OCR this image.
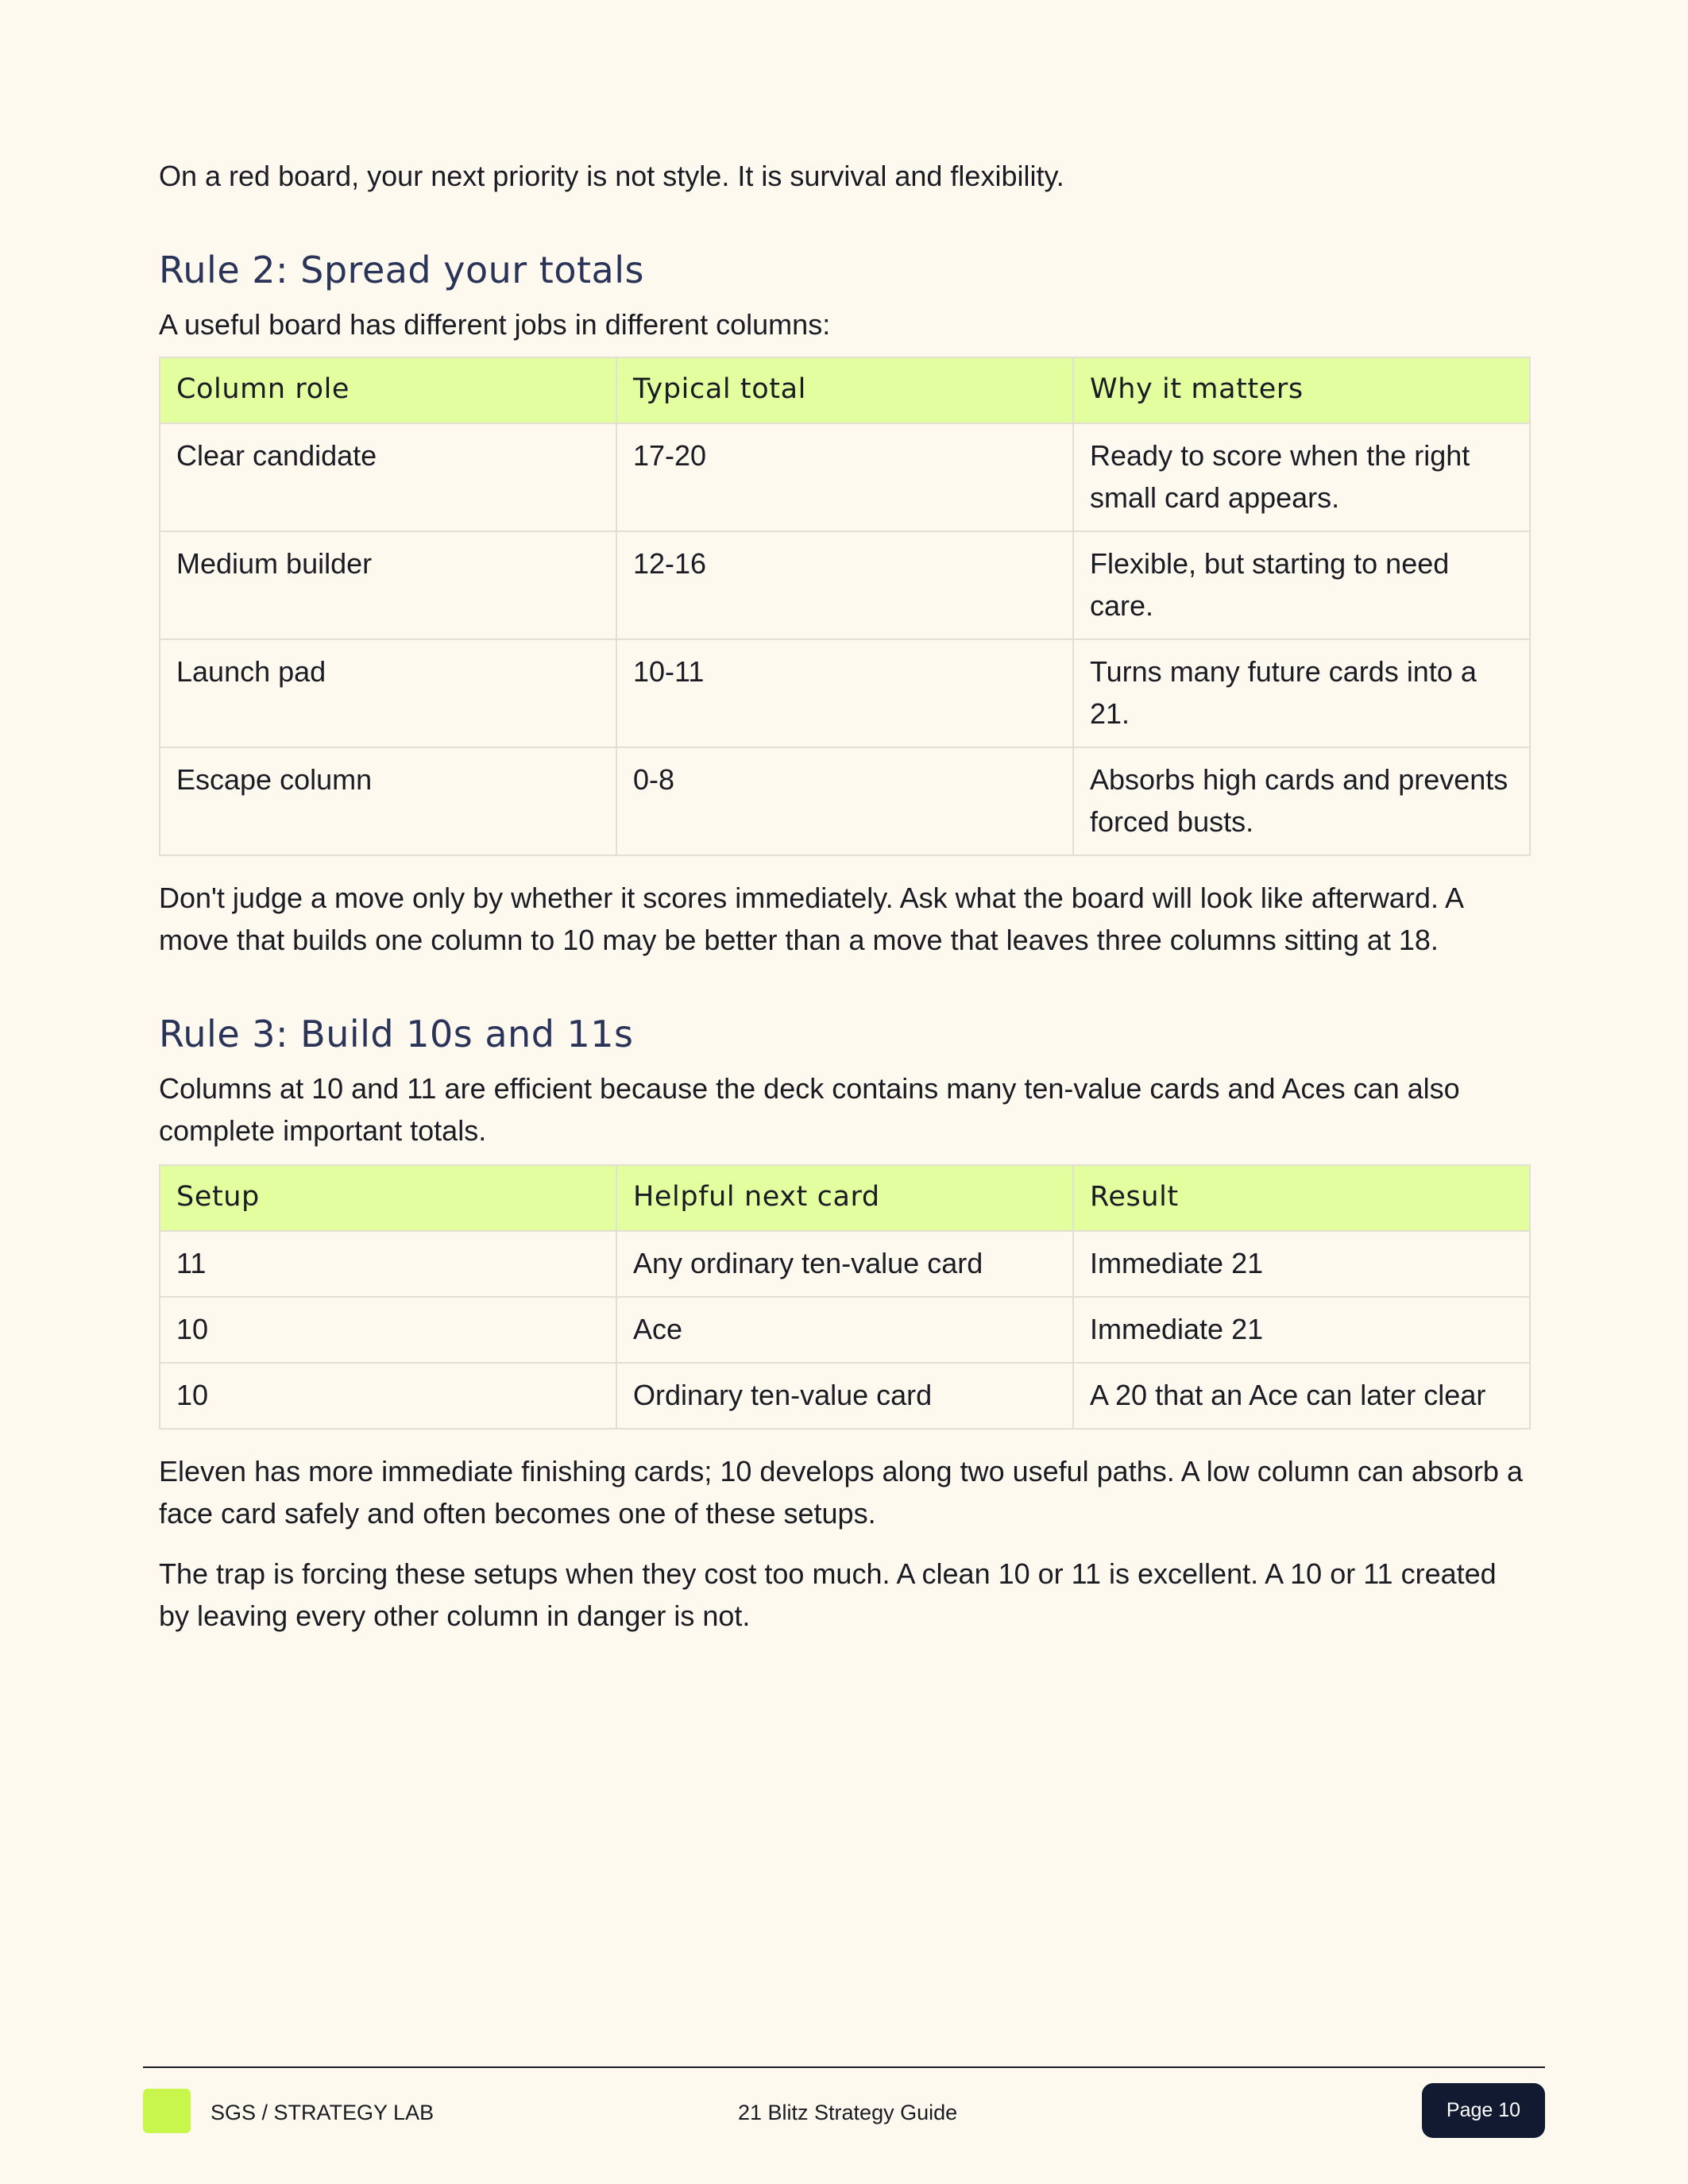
On a red board, your next priority is not style. It is survival and flexibility.

Rule 2: Spread your totals

A useful board has different jobs in different columns:

Column role	Typical total	Why it matters
Clear candidate	17-20	Ready to score when the right small card appears.
Medium builder	12-16	Flexible, but starting to need care.
Launch pad	10-11	Turns many future cards into a 21.
Escape column	0-8	Absorbs high cards and prevents forced busts.

Don't judge a move only by whether it scores immediately. Ask what the board will look like afterward. A move that builds one column to 10 may be better than a move that leaves three columns sitting at 18.

Rule 3: Build 10s and 11s

Columns at 10 and 11 are efficient because the deck contains many ten-value cards and Aces can also complete important totals.

Setup	Helpful next card	Result
11	Any ordinary ten-value card	Immediate 21
10	Ace	Immediate 21
10	Ordinary ten-value card	A 20 that an Ace can later clear

Eleven has more immediate finishing cards; 10 develops along two useful paths. A low column can absorb a face card safely and often becomes one of these setups.

The trap is forcing these setups when they cost too much. A clean 10 or 11 is excellent. A 10 or 11 created by leaving every other column in danger is not.

SGS / STRATEGY LAB	21 Blitz Strategy Guide	Page 10
